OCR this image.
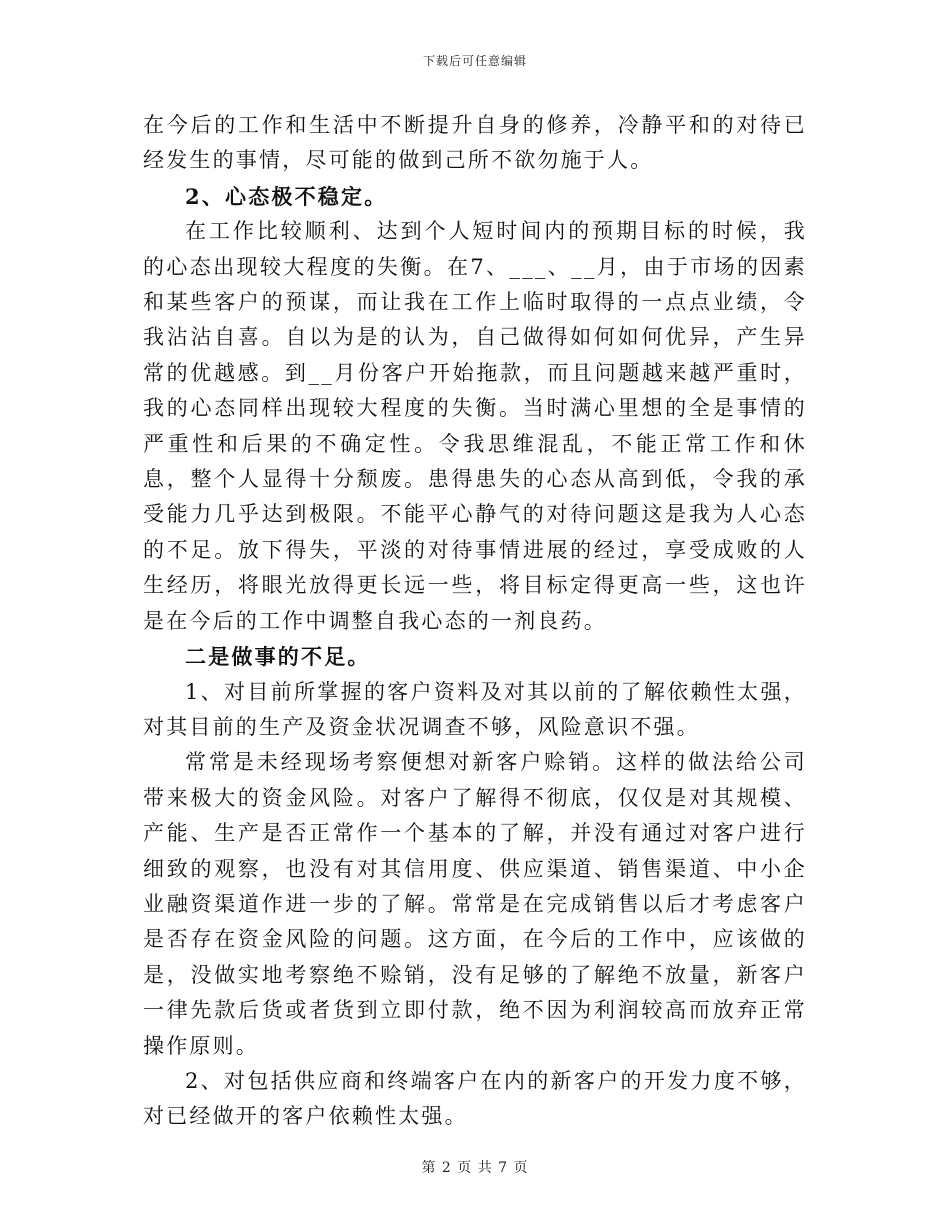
下载后可任意编辑

在今后的工作和生活中不断提升自身的修养，冷静平和的对待已经发生的事情，尽可能的做到己所不欲勿施于人。

2、心态极不稳定。

在工作比较顺利、达到个人短时间内的预期目标的时候，我的心态出现较大程度的失衡。在7、___、__月，由于市场的因素和某些客户的预谋，而让我在工作上临时取得的一点点业绩，令我沾沾自喜。自以为是的认为，自己做得如何如何优异，产生异常的优越感。到__月份客户开始拖款，而且问题越来越严重时，我的心态同样出现较大程度的失衡。当时满心里想的全是事情的严重性和后果的不确定性。令我思维混乱，不能正常工作和休息，整个人显得十分颓废。患得患失的心态从高到低，令我的承受能力几乎达到极限。不能平心静气的对待问题这是我为人心态的不足。放下得失，平淡的对待事情进展的经过，享受成败的人生经历，将眼光放得更长远一些，将目标定得更高一些，这也许是在今后的工作中调整自我心态的一剂良药。

二是做事的不足。

1、对目前所掌握的客户资料及对其以前的了解依赖性太强，对其目前的生产及资金状况调查不够，风险意识不强。

常常是未经现场考察便想对新客户赊销。这样的做法给公司带来极大的资金风险。对客户了解得不彻底，仅仅是对其规模、产能、生产是否正常作一个基本的了解，并没有通过对客户进行细致的观察，也没有对其信用度、供应渠道、销售渠道、中小企业融资渠道作进一步的了解。常常是在完成销售以后才考虑客户是否存在资金风险的问题。这方面，在今后的工作中，应该做的是，没做实地考察绝不赊销，没有足够的了解绝不放量，新客户一律先款后货或者货到立即付款，绝不因为利润较高而放弃正常操作原则。

2、对包括供应商和终端客户在内的新客户的开发力度不够，对已经做开的客户依赖性太强。

第 2 页 共 7 页
